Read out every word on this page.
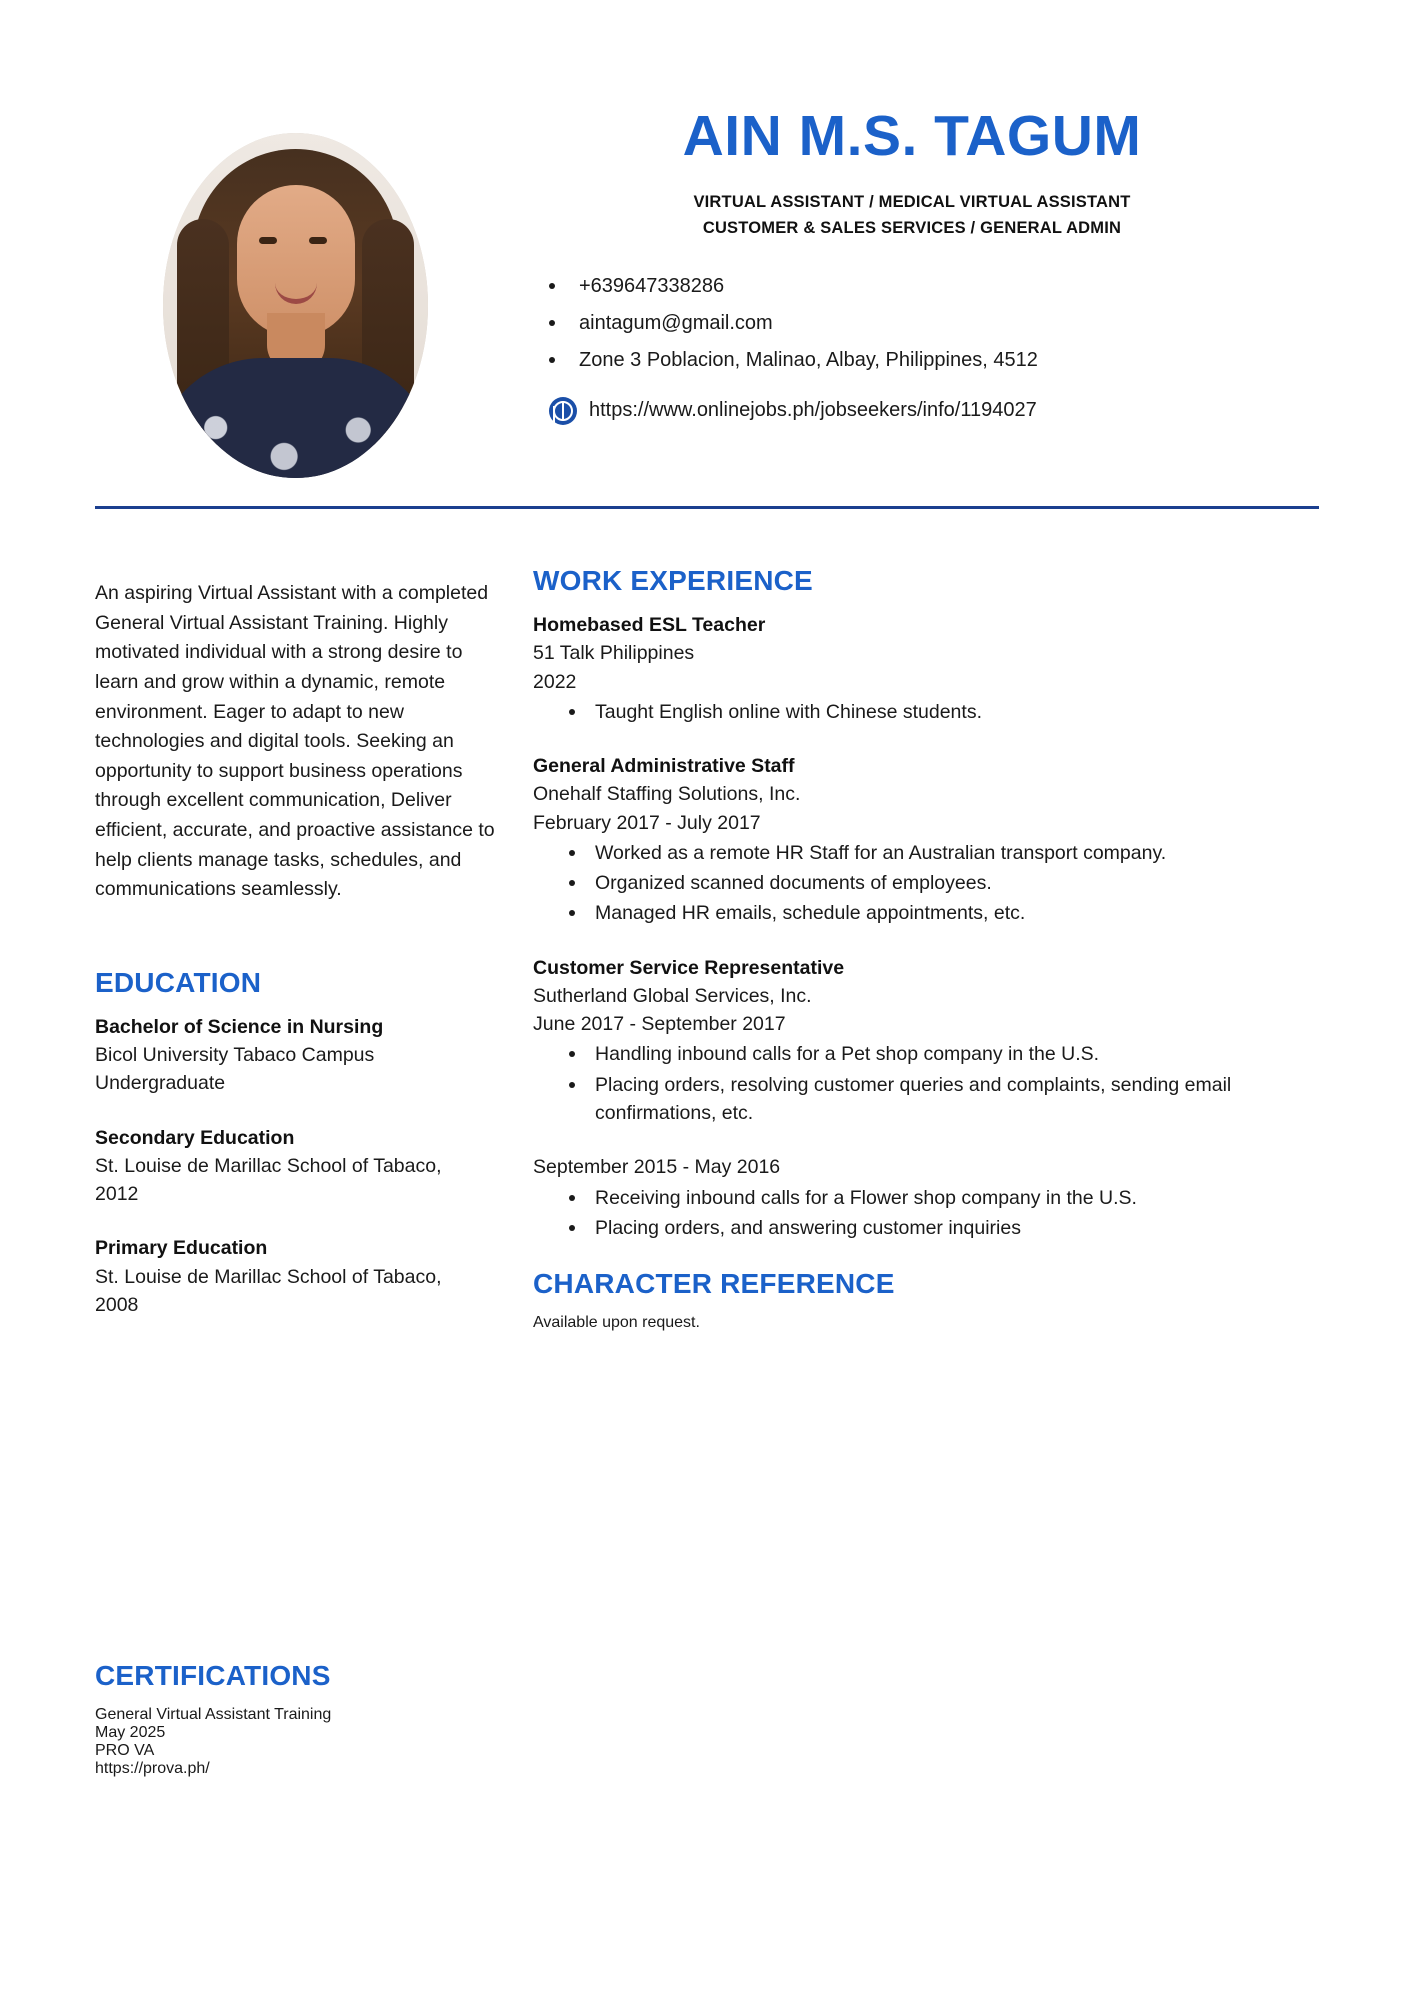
AIN M.S. TAGUM
VIRTUAL ASSISTANT / MEDICAL VIRTUAL ASSISTANT
CUSTOMER & SALES SERVICES / GENERAL ADMIN
+639647338286
aintagum@gmail.com
Zone 3 Poblacion, Malinao, Albay, Philippines, 4512
https://www.onlinejobs.ph/jobseekers/info/1194027

An aspiring Virtual Assistant with a completed General Virtual Assistant Training. Highly motivated individual with a strong desire to learn and grow within a dynamic, remote environment. Eager to adapt to new technologies and digital tools. Seeking an opportunity to support business operations through excellent communication, Deliver efficient, accurate, and proactive assistance to help clients manage tasks, schedules, and communications seamlessly.

EDUCATION
Bachelor of Science in Nursing
Bicol University Tabaco Campus
Undergraduate
Secondary Education
St. Louise de Marillac School of Tabaco,
2012
Primary Education
St. Louise de Marillac School of Tabaco,
2008
WORK EXPERIENCE
Homebased ESL Teacher
51 Talk Philippines
2022
Taught English online with Chinese students.
General Administrative Staff
Onehalf Staffing Solutions, Inc.
February 2017 - July 2017
Worked as a remote HR Staff for an Australian transport company.
Organized scanned documents of employees.
Managed HR emails, schedule appointments, etc.
Customer Service Representative
Sutherland Global Services, Inc.
June 2017 - September 2017
Handling inbound calls for a Pet shop company in the U.S.
Placing orders, resolving customer queries and complaints, sending email confirmations, etc.
September 2015 - May 2016
Receiving inbound calls for a Flower shop company in the U.S.
Placing orders, and answering customer inquiries
CHARACTER REFERENCE
Available upon request.
CERTIFICATIONS
General Virtual Assistant Training
May 2025
PRO VA
https://prova.ph/
